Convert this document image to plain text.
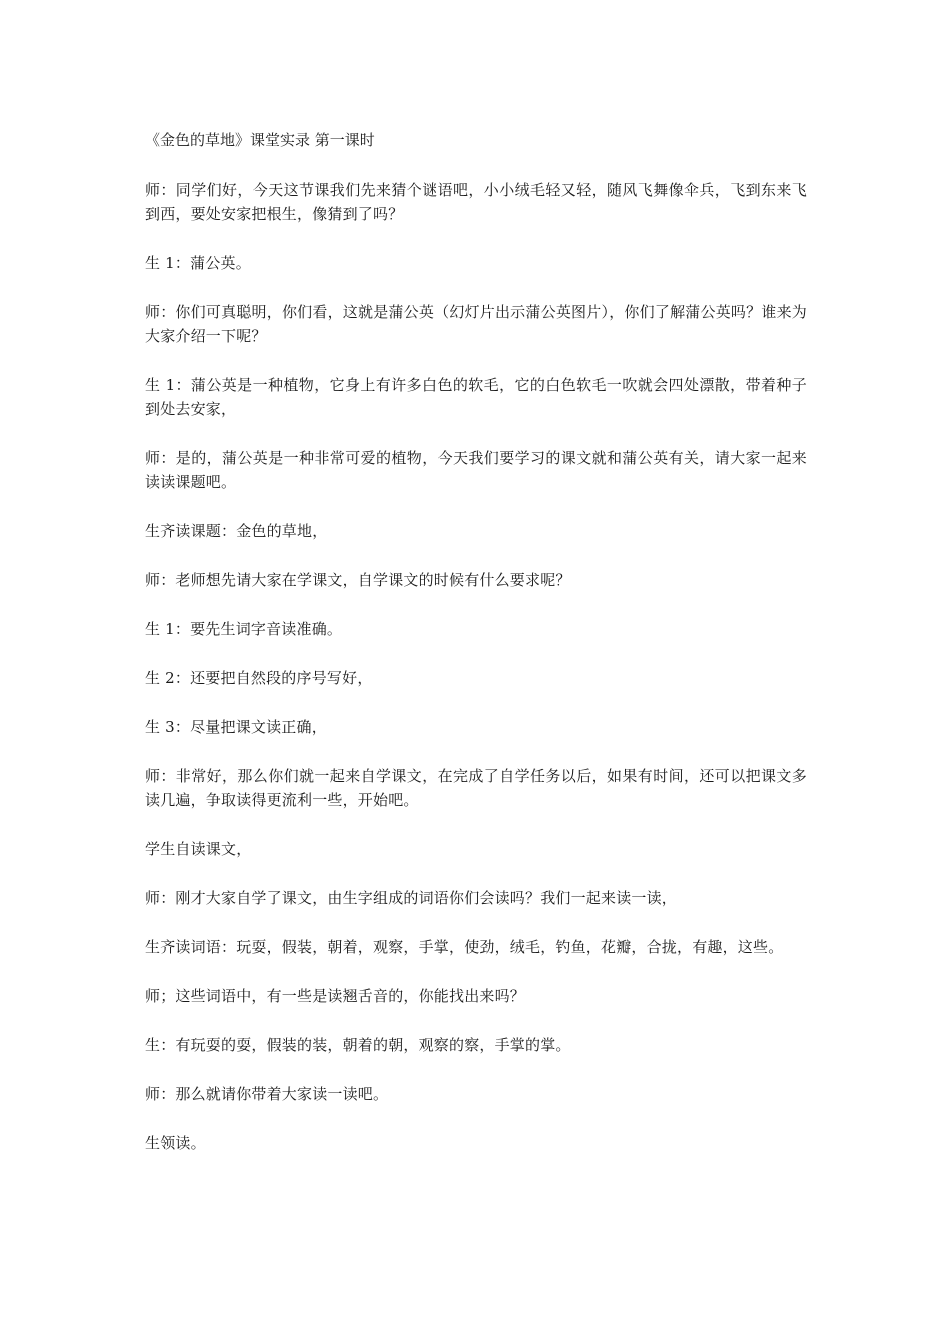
《金色的草地》课堂实录 第一课时

师：同学们好，今天这节课我们先来猜个谜语吧，小小绒毛轻又轻，随风飞舞像伞兵，飞到东来飞到西，要处安家把根生，像猜到了吗？

生 1：蒲公英。

师：你们可真聪明，你们看，这就是蒲公英（幻灯片出示蒲公英图片），你们了解蒲公英吗？谁来为大家介绍一下呢？

生 1：蒲公英是一种植物，它身上有许多白色的软毛，它的白色软毛一吹就会四处漂散，带着种子到处去安家，

师：是的，蒲公英是一种非常可爱的植物，今天我们要学习的课文就和蒲公英有关，请大家一起来读读课题吧。

生齐读课题：金色的草地，

师：老师想先请大家在学课文，自学课文的时候有什么要求呢？

生 1：要先生词字音读准确。

生 2：还要把自然段的序号写好，

生 3：尽量把课文读正确，

师：非常好，那么你们就一起来自学课文，在完成了自学任务以后，如果有时间，还可以把课文多读几遍，争取读得更流利一些，开始吧。

学生自读课文，

师：刚才大家自学了课文，由生字组成的词语你们会读吗？我们一起来读一读，

生齐读词语：玩耍，假装，朝着，观察，手掌，使劲，绒毛，钓鱼，花瓣，合拢，有趣，这些。

师；这些词语中，有一些是读翘舌音的，你能找出来吗？

生：有玩耍的耍，假装的装，朝着的朝，观察的察，手掌的掌。

师：那么就请你带着大家读一读吧。

生领读。
